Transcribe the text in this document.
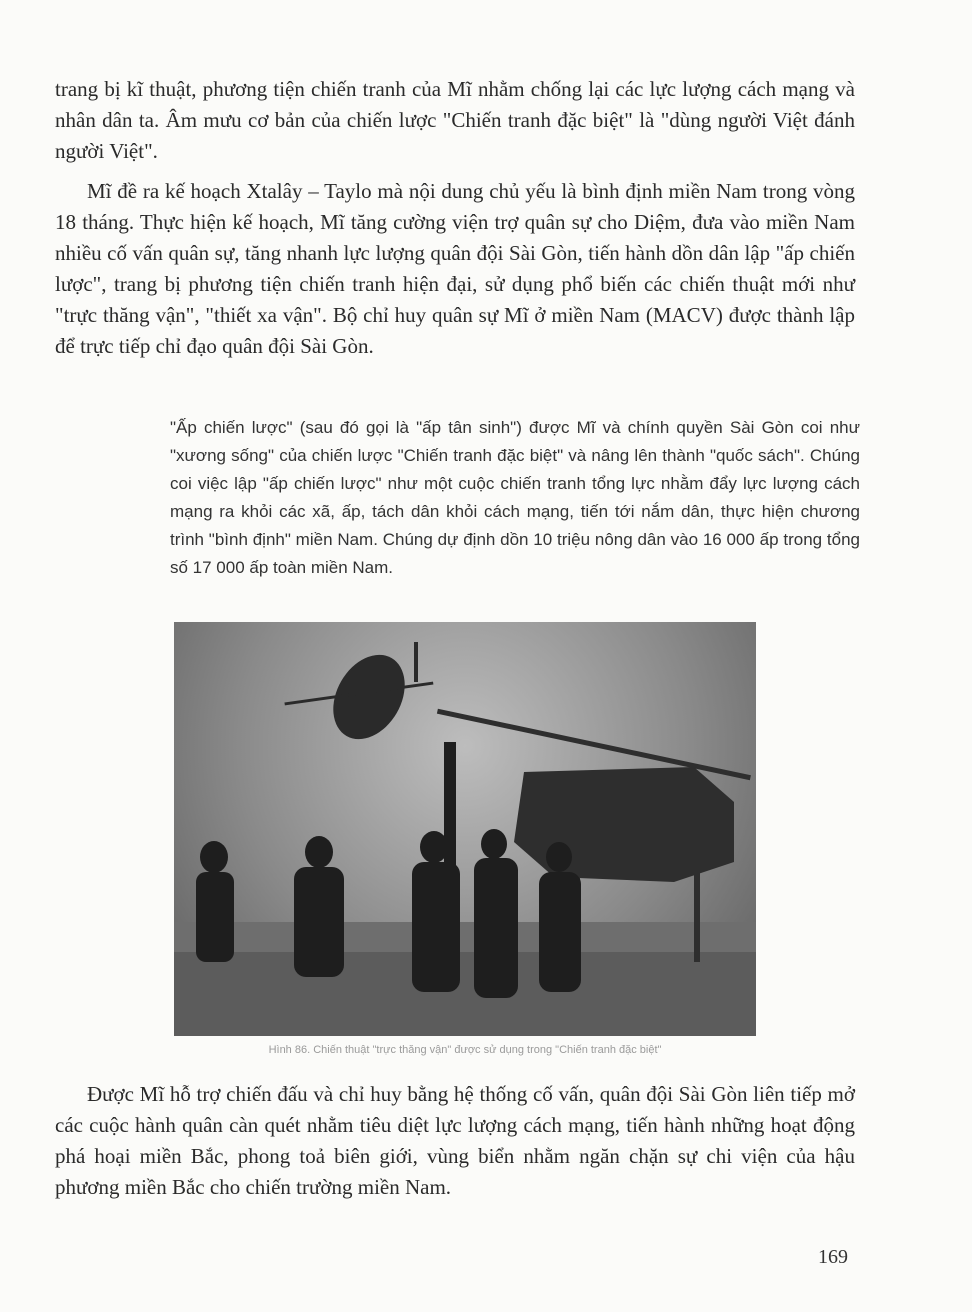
trang bị kĩ thuật, phương tiện chiến tranh của Mĩ nhằm chống lại các lực lượng cách mạng và nhân dân ta. Âm mưu cơ bản của chiến lược "Chiến tranh đặc biệt" là "dùng người Việt đánh người Việt".

Mĩ đề ra kế hoạch Xtalây – Taylo mà nội dung chủ yếu là bình định miền Nam trong vòng 18 tháng. Thực hiện kế hoạch, Mĩ tăng cường viện trợ quân sự cho Diệm, đưa vào miền Nam nhiều cố vấn quân sự, tăng nhanh lực lượng quân đội Sài Gòn, tiến hành dồn dân lập "ấp chiến lược", trang bị phương tiện chiến tranh hiện đại, sử dụng phổ biến các chiến thuật mới như "trực thăng vận", "thiết xa vận". Bộ chỉ huy quân sự Mĩ ở miền Nam (MACV) được thành lập để trực tiếp chỉ đạo quân đội Sài Gòn.

"Ấp chiến lược" (sau đó gọi là "ấp tân sinh") được Mĩ và chính quyền Sài Gòn coi như "xương sống" của chiến lược "Chiến tranh đặc biệt" và nâng lên thành "quốc sách". Chúng coi việc lập "ấp chiến lược" như một cuộc chiến tranh tổng lực nhằm đẩy lực lượng cách mạng ra khỏi các xã, ấp, tách dân khỏi cách mạng, tiến tới nắm dân, thực hiện chương trình "bình định" miền Nam. Chúng dự định dồn 10 triệu nông dân vào 16 000 ấp trong tổng số 17 000 ấp toàn miền Nam.

Hình 86. Chiến thuật "trực thăng vận" được sử dụng trong "Chiến tranh đặc biệt"

Được Mĩ hỗ trợ chiến đấu và chỉ huy bằng hệ thống cố vấn, quân đội Sài Gòn liên tiếp mở các cuộc hành quân càn quét nhằm tiêu diệt lực lượng cách mạng, tiến hành những hoạt động phá hoại miền Bắc, phong toả biên giới, vùng biển nhằm ngăn chặn sự chi viện của hậu phương miền Bắc cho chiến trường miền Nam.

169
